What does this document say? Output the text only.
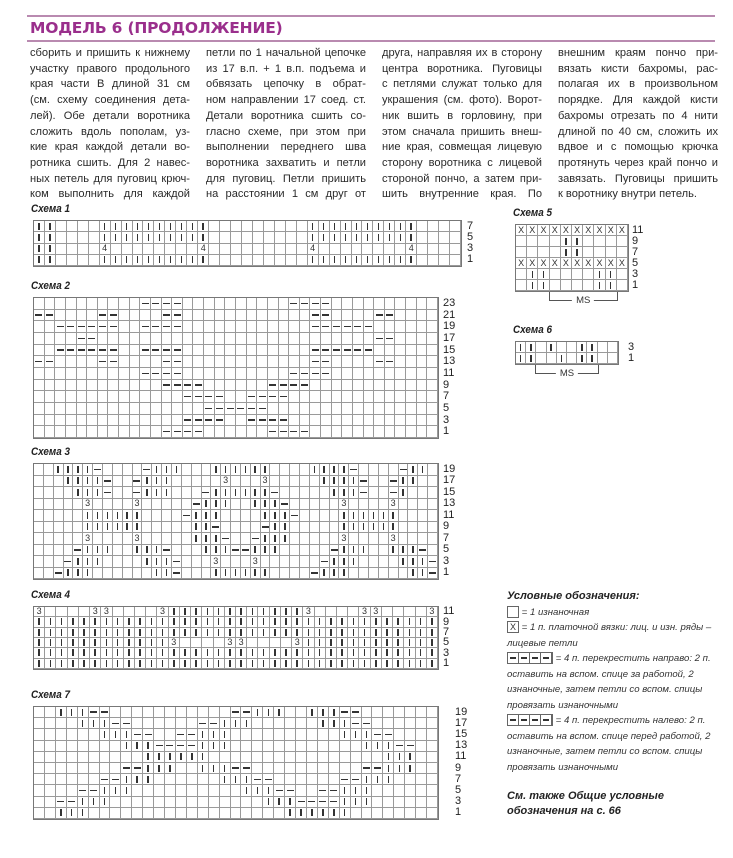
МОДЕЛЬ 6 (ПРОДОЛЖЕНИЕ)
сборить и пришить к нижнему
участку правого продольного
края части В длиной 31 см
(см. схему соединения дета-
лей). Обе детали воротника
сложить вдоль пополам, уз-
кие края каждой детали во-
ротника сшить. Для 2 навес-
ных петель для пуговиц крюч-
ком выполнить для каждой
петли по 1 начальной цепочке
из 17 в.п. + 1 в.п. подъема и
обвязать цепочку в обрат-
ном направлении 17 соед. ст.
Детали воротника сшить со-
гласно схеме, при этом при
выполнении переднего шва
воротника захватить и петли
для пуговиц. Петли пришить
на расстоянии 1 см друг от
друга, направляя их в сторону
центра воротника. Пуговицы
с петлями служат только для
украшения (см. фото). Ворот-
ник вшить в горловину, при
этом сначала пришить внеш-
ние края, совмещая лицевую
сторону воротника с лицевой
стороной пончо, а затем при-
шить внутренние края. По
внешним краям пончо при-
вязать кисти бахромы, рас-
полагая их в произвольном
порядке. Для каждой кисти
бахромы отрезать по 4 нити
длиной по 40 см, сложить их
вдвое и с помощью крючка
протянуть через край пончо и
завязать. Пуговицы пришить
к воротнику внутри петель.
Схема 1
4	4	4	4
7
5
3
1
Схема 2
23
21
19
17
15
13
11
9
7
5
3
1
Схема 3
3	3
3	3	3	3
3	3	3	3
3	3
19
17
15
13
11
9
7
5
3
1
Схема 4
3	3 3	3	3	3 3	3
3	3 3	3
11
9
7
5
3
1
Схема 5
X X X X X X X X X X
X X X X X X X X X X
11
9
7
5
3
1
MS
Схема 6
3
1
MS
Схема 7
19
17
15
13
11
9
7
5
3
1
Условные обозначения:
= 1 изнаночная
X = 1 п. платочной вязки: лиц. и изн. ряды – лицевые петли
= 4 п. перекрестить направо: 2 п. оставить на вспом. спице за работой, 2 изнаночные, затем петли со вспом. спицы провязать изнаночными
= 4 п. перекрестить налево: 2 п. оставить на вспом. спице перед работой, 2 изнаночные, затем петли со вспом. спицы провязать изнаночными
См. также Общие условные обозначения на с. 66
